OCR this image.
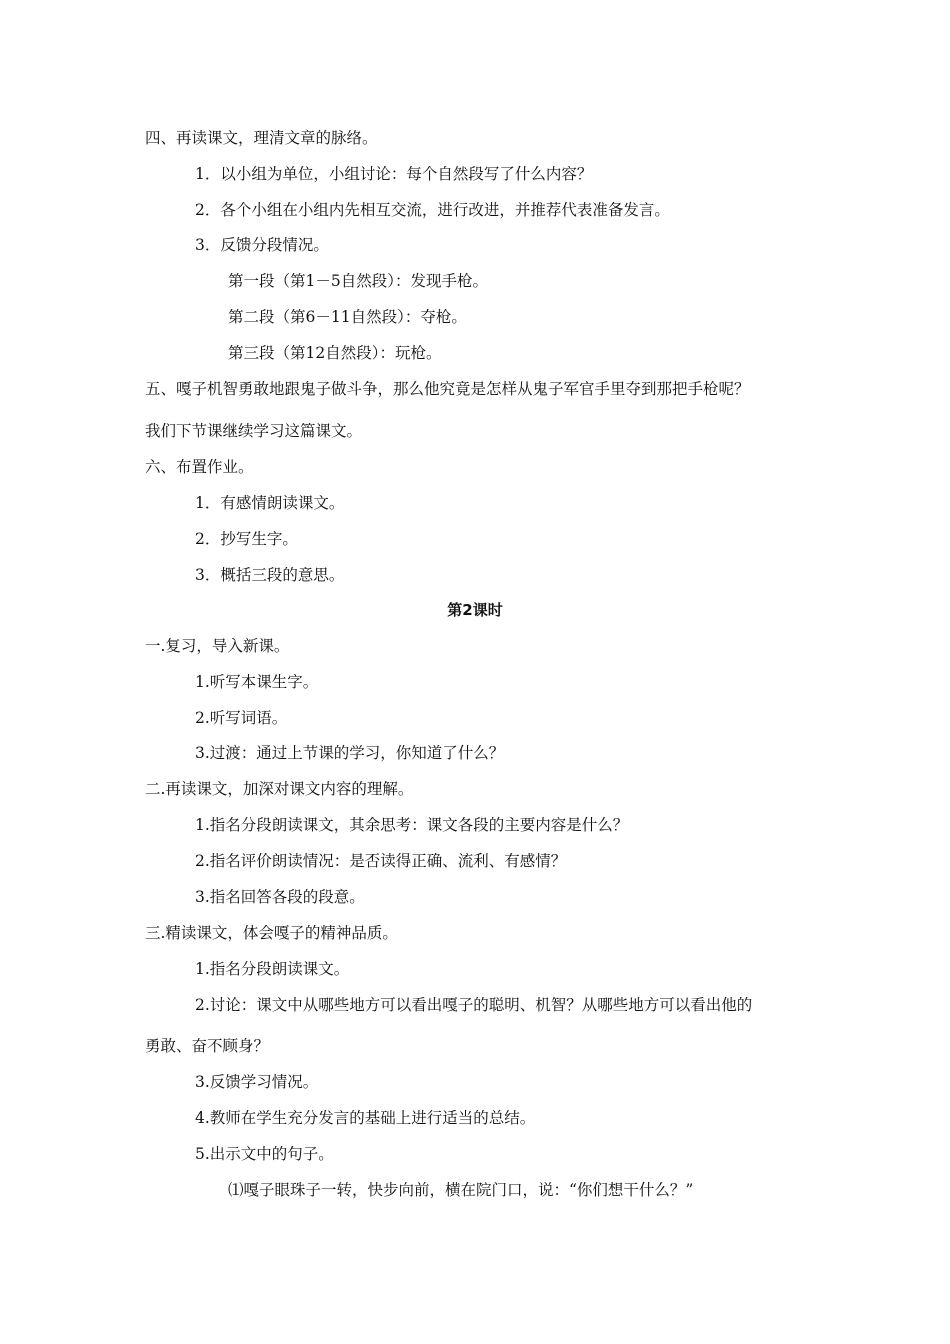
四、再读课文，理清文章的脉络。
1．以小组为单位，小组讨论：每个自然段写了什么内容？
2．各个小组在小组内先相互交流，进行改进，并推荐代表准备发言。
3．反馈分段情况。
第一段（第1－5自然段）：发现手枪。
第二段（第6－11自然段）：夺枪。
第三段（第12自然段）：玩枪。
五、嘎子机智勇敢地跟鬼子做斗争，那么他究竟是怎样从鬼子军官手里夺到那把手枪呢？
我们下节课继续学习这篇课文。
六、布置作业。
1．有感情朗读课文。
2．抄写生字。
3．概括三段的意思。
第2课时
一.复习，导入新课。
1.听写本课生字。
2.听写词语。
3.过渡：通过上节课的学习，你知道了什么？
二.再读课文，加深对课文内容的理解。
1.指名分段朗读课文，其余思考：课文各段的主要内容是什么？
2.指名评价朗读情况：是否读得正确、流利、有感情？
3.指名回答各段的段意。
三.精读课文，体会嘎子的精神品质。
1.指名分段朗读课文。
2.讨论：课文中从哪些地方可以看出嘎子的聪明、机智？从哪些地方可以看出他的
勇敢、奋不顾身？
3.反馈学习情况。
4.教师在学生充分发言的基础上进行适当的总结。
5.出示文中的句子。
⑴嘎子眼珠子一转，快步向前，横在院门口，说：“你们想干什么？”
